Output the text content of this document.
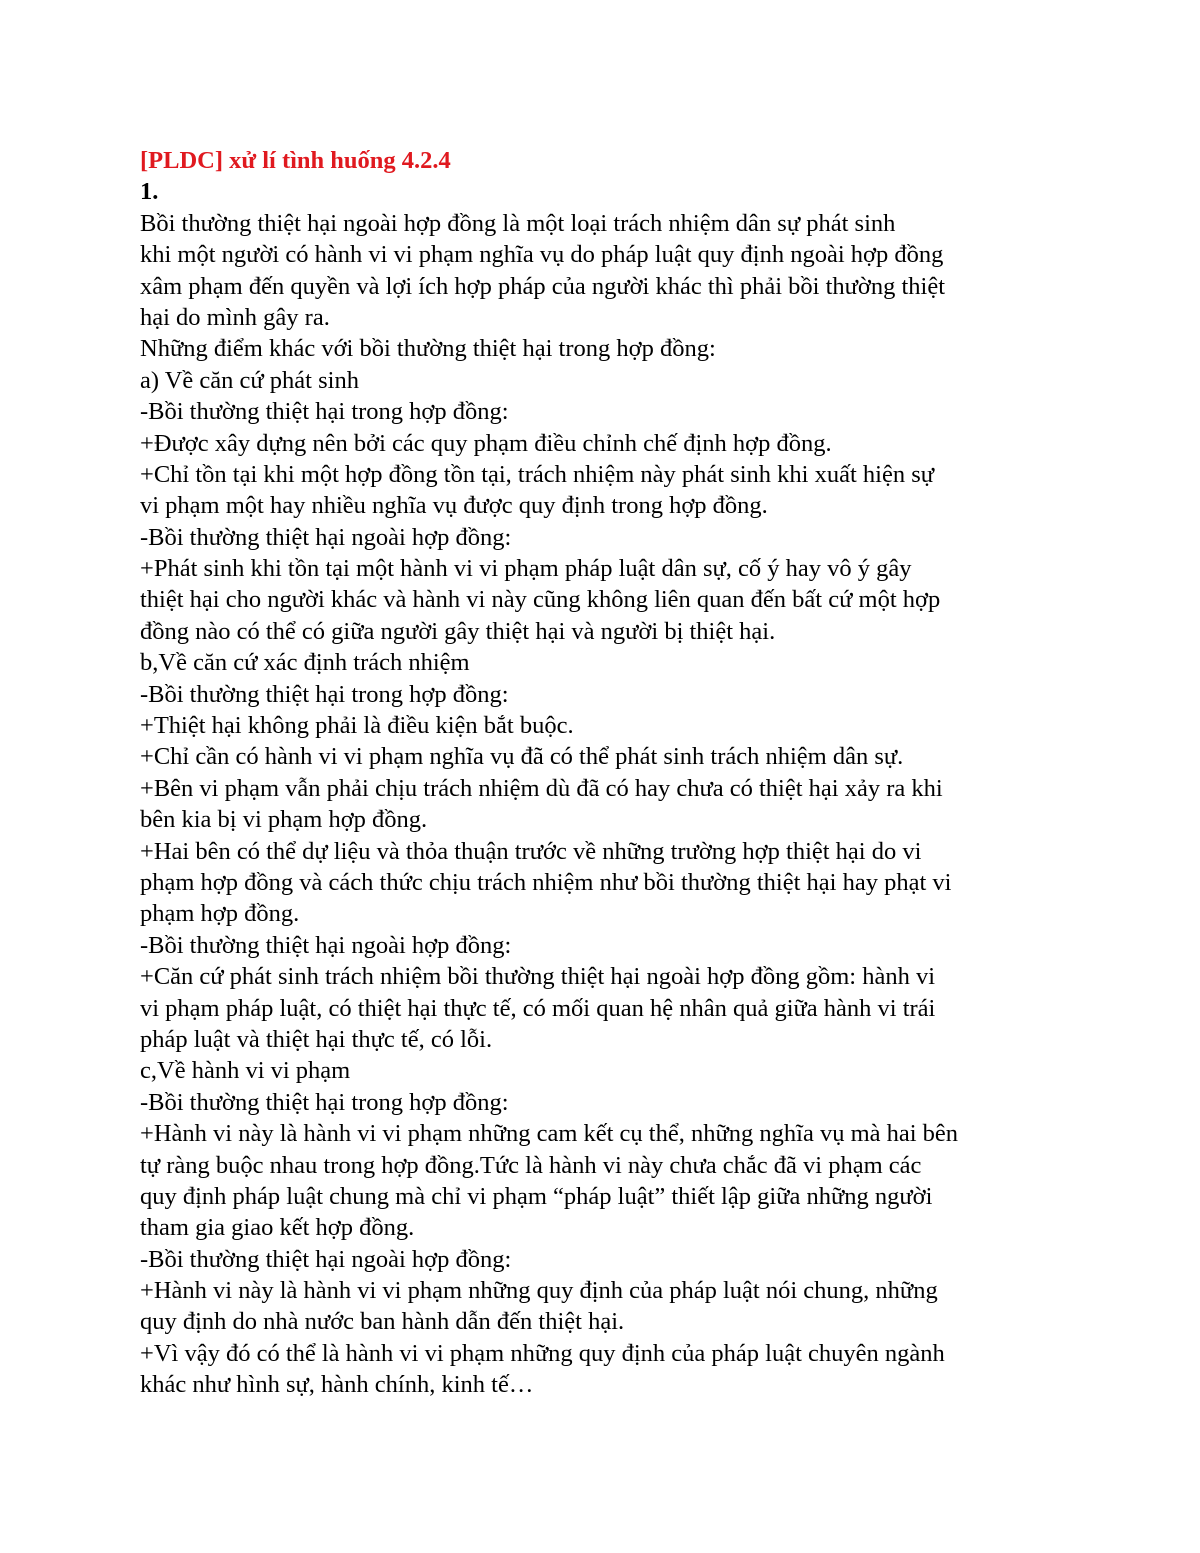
[PLDC] xử lí tình huống 4.2.4
1.
Bồi thường thiệt hại ngoài hợp đồng là một loại trách nhiệm dân sự phát sinh
khi một người có hành vi vi phạm nghĩa vụ do pháp luật quy định ngoài hợp đồng
xâm phạm đến quyền và lợi ích hợp pháp của người khác thì phải bồi thường thiệt
hại do mình gây ra.
Những điểm khác với bồi thường thiệt hại trong hợp đồng:
a) Về căn cứ phát sinh
-Bồi thường thiệt hại trong hợp đồng:
+Được xây dựng nên bởi các quy phạm điều chỉnh chế định hợp đồng.
+Chỉ tồn tại khi một hợp đồng tồn tại, trách nhiệm này phát sinh khi xuất hiện sự
vi phạm một hay nhiều nghĩa vụ được quy định trong hợp đồng.
-Bồi thường thiệt hại ngoài hợp đồng:
+Phát sinh khi tồn tại một hành vi vi phạm pháp luật dân sự, cố ý hay vô ý gây
thiệt hại cho người khác và hành vi này cũng không liên quan đến bất cứ một hợp
đồng nào có thể có giữa người gây thiệt hại và người bị thiệt hại.
b,Về căn cứ xác định trách nhiệm
-Bồi thường thiệt hại trong hợp đồng:
+Thiệt hại không phải là điều kiện bắt buộc.
+Chỉ cần có hành vi vi phạm nghĩa vụ đã có thể phát sinh trách nhiệm dân sự.
+Bên vi phạm vẫn phải chịu trách nhiệm dù đã có hay chưa có thiệt hại xảy ra khi
bên kia bị vi phạm hợp đồng.
+Hai bên có thể dự liệu và thỏa thuận trước về những trường hợp thiệt hại do vi
phạm hợp đồng và cách thức chịu trách nhiệm như bồi thường thiệt hại hay phạt vi
phạm hợp đồng.
-Bồi thường thiệt hại ngoài hợp đồng:
+Căn cứ phát sinh trách nhiệm bồi thường thiệt hại ngoài hợp đồng gồm: hành vi
vi phạm pháp luật, có thiệt hại thực tế, có mối quan hệ nhân quả giữa hành vi trái
pháp luật và thiệt hại thực tế, có lỗi.
c,Về hành vi vi phạm
-Bồi thường thiệt hại trong hợp đồng:
+Hành vi này là hành vi vi phạm những cam kết cụ thể, những nghĩa vụ mà hai bên
tự ràng buộc nhau trong hợp đồng.Tức là hành vi này chưa chắc đã vi phạm các
quy định pháp luật chung mà chỉ vi phạm “pháp luật” thiết lập giữa những người
tham gia giao kết hợp đồng.
-Bồi thường thiệt hại ngoài hợp đồng:
+Hành vi này là hành vi vi phạm những quy định của pháp luật nói chung, những
quy định do nhà nước ban hành dẫn đến thiệt hại.
+Vì vậy đó có thể là hành vi vi phạm những quy định của pháp luật chuyên ngành
khác như hình sự, hành chính, kinh tế…
